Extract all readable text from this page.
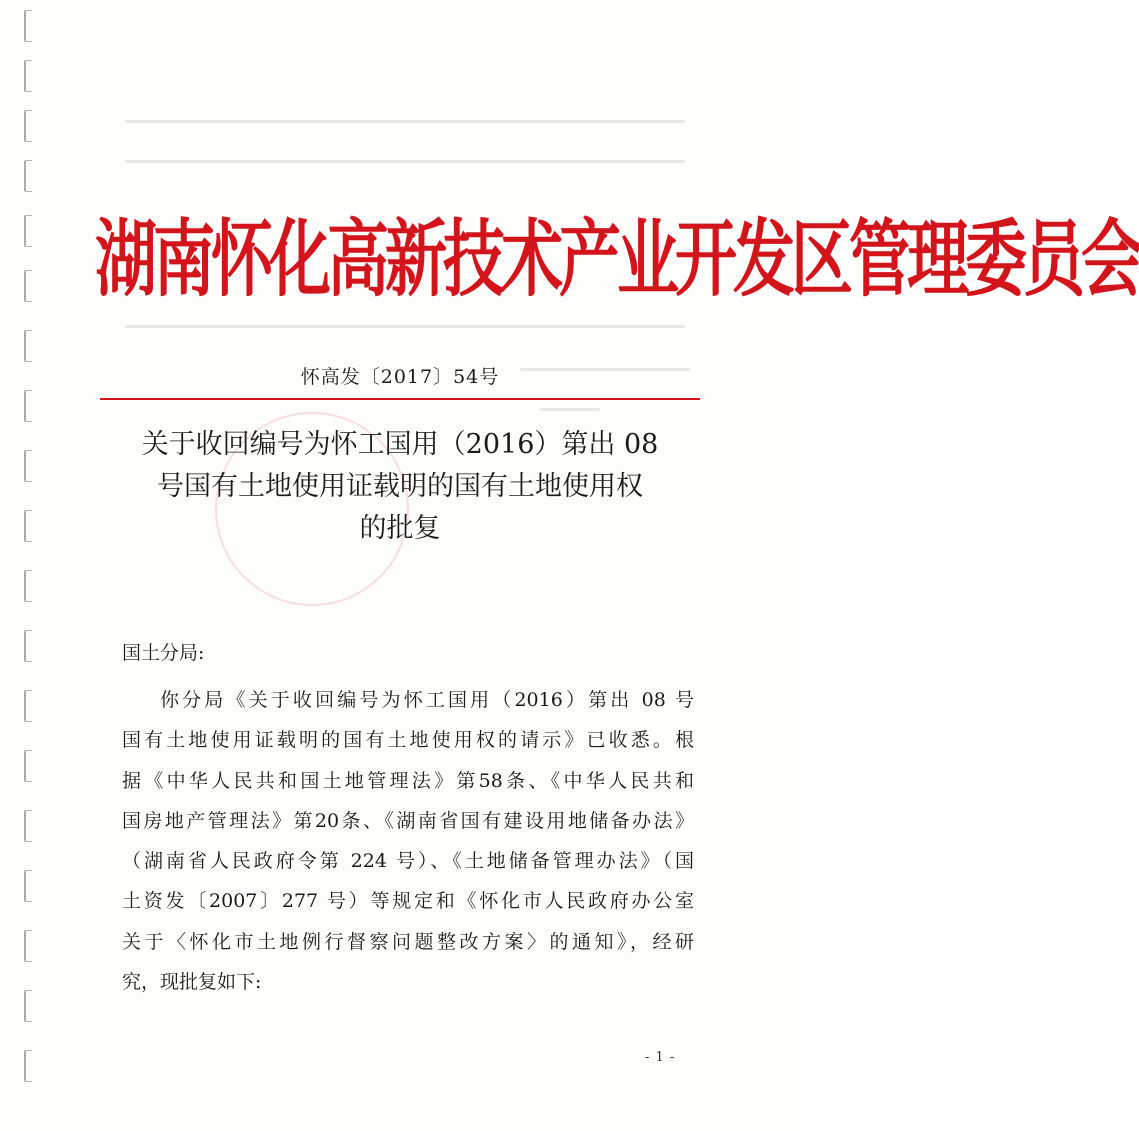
湖南怀化高新技术产业开发区管理委员会
怀高发〔2017〕54号
关于收回编号为怀工国用（2016）第出 08
号国有土地使用证载明的国有土地使用权
的批复
国土分局:
你分局《关于收回编号为怀工国用（2016）第出 08 号
国有土地使用证载明的国有土地使用权的请示》已收悉。根
据《中华人民共和国土地管理法》第58条、《中华人民共和
国房地产管理法》第20条、《湖南省国有建设用地储备办法》
（湖南省人民政府令第 224 号）、《土地储备管理办法》（国
土资发〔2007〕277 号）等规定和《怀化市人民政府办公室
关于〈怀化市土地例行督察问题整改方案〉的通知》，经研
究，现批复如下:
- 1 -
